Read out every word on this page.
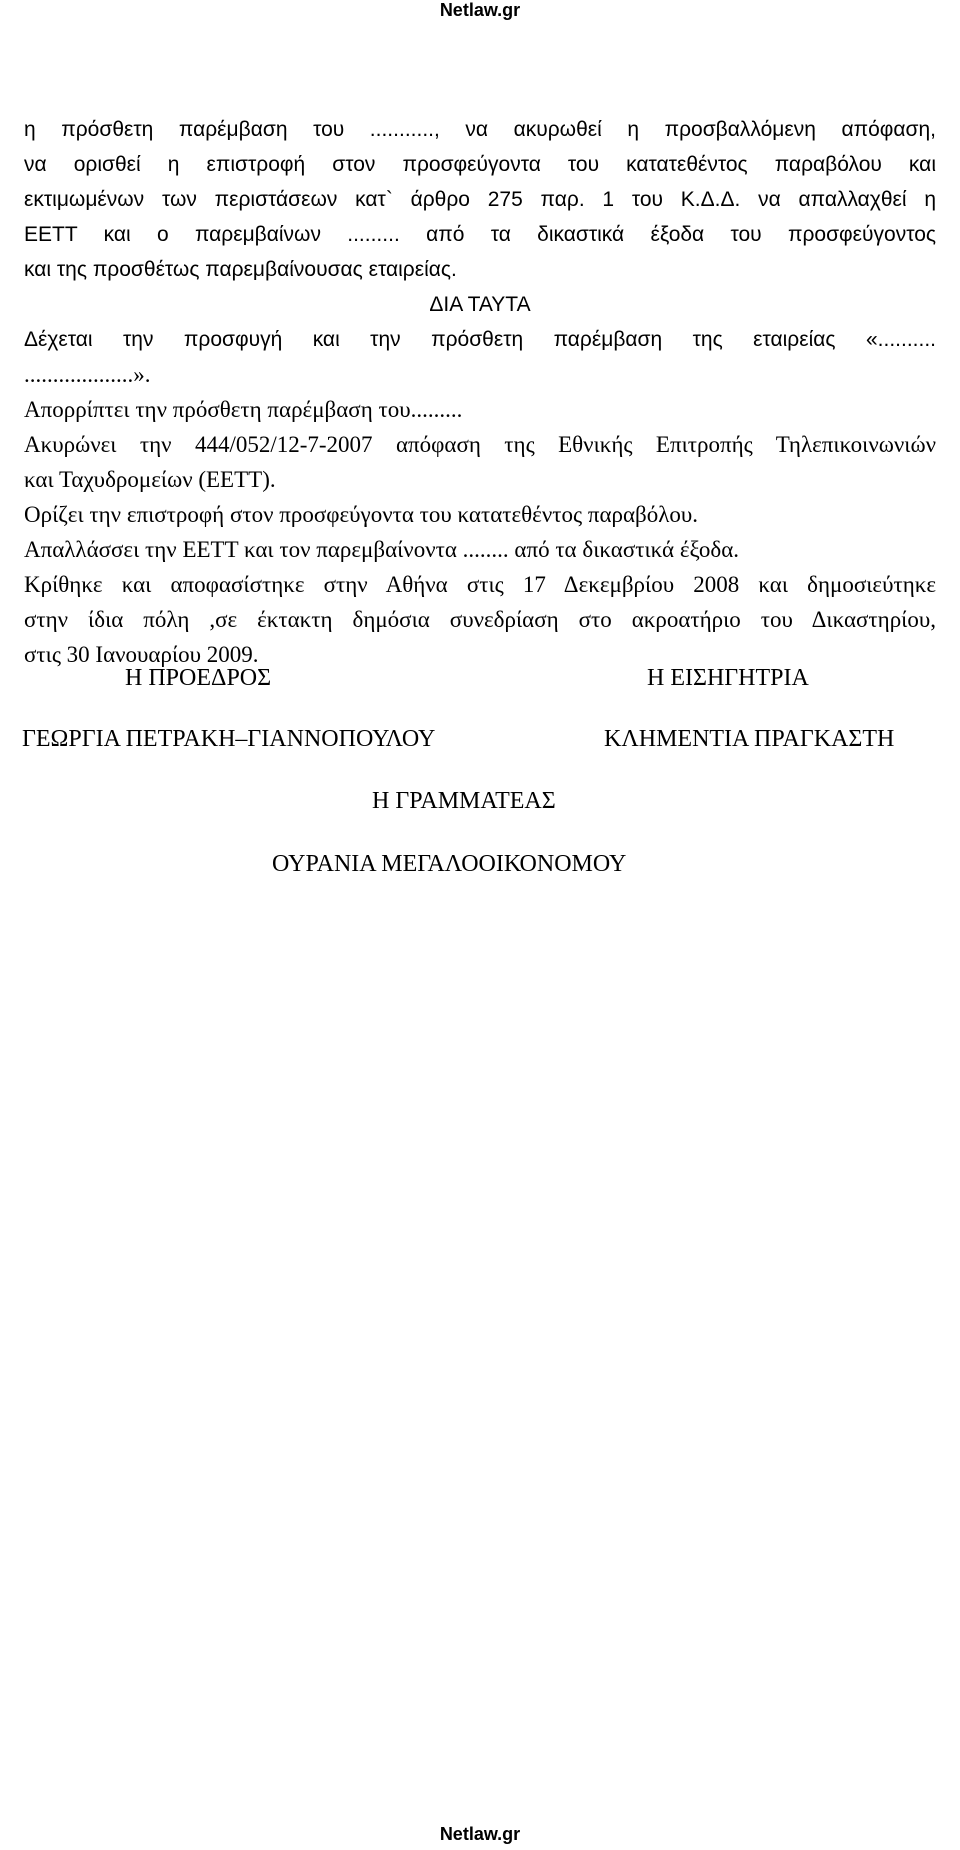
Netlaw.gr

η πρόσθετη παρέμβαση του ..........., να ακυρωθεί η προσβαλλόμενη απόφαση,

να ορισθεί η επιστροφή στον προσφεύγοντα του κατατεθέντος παραβόλου και

εκτιμωμένων των περιστάσεων κατ` άρθρο 275 παρ. 1 του Κ.Δ.Δ. να απαλλαχθεί η

ΕΕΤΤ και ο παρεμβαίνων ......... από τα δικαστικά έξοδα του προσφεύγοντος

και της προσθέτως παρεμβαίνουσας εταιρείας.

ΔΙΑ ΤΑΥΤΑ

Δέχεται την προσφυγή και την πρόσθετη παρέμβαση της εταιρείας «..........

...................».

Απορρίπτει την πρόσθετη παρέμβαση του.........

Ακυρώνει την 444/052/12-7-2007 απόφαση της Εθνικής Επιτροπής Τηλεπικοινωνιών

και Ταχυδρομείων (ΕΕΤΤ).

Ορίζει την επιστροφή στον προσφεύγοντα του κατατεθέντος παραβόλου.

Απαλλάσσει την ΕΕΤΤ και τον παρεμβαίνοντα ........ από τα δικαστικά έξοδα.

Κρίθηκε και αποφασίστηκε στην Αθήνα στις 17 Δεκεμβρίου 2008 και δημοσιεύτηκε

στην ίδια πόλη ,σε έκτακτη δημόσια συνεδρίαση στο ακροατήριο του Δικαστηρίου,

στις 30 Ιανουαρίου 2009.

Η ΠΡΟΕΔΡΟΣ	Η ΕΙΣΗΓΗΤΡΙΑ
ΓΕΩΡΓΙΑ ΠΕΤΡΑΚΗ–ΓΙΑΝΝΟΠΟΥΛΟΥ	ΚΛΗΜΕΝΤΙΑ ΠΡΑΓΚΑΣΤΗ
Η ΓΡΑΜΜΑΤΕΑΣ
ΟΥΡΑΝΙΑ ΜΕΓΑΛΟΟΙΚΟΝΟΜΟΥ
Netlaw.gr
